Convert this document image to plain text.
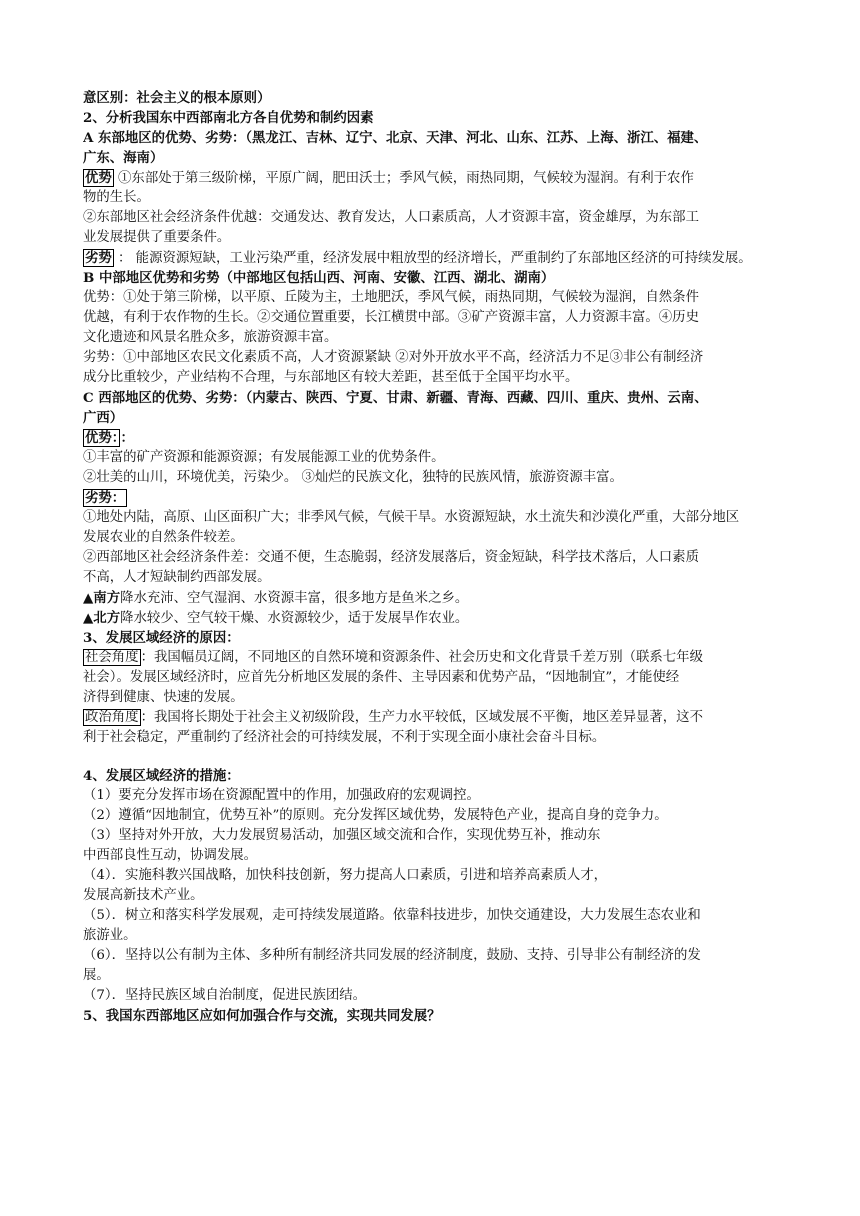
意区别：社会主义的根本原则）
2、分析我国东中西部南北方各自优势和制约因素
A 东部地区的优势、劣势：（黑龙江、吉林、辽宁、北京、天津、河北、山东、江苏、上海、浙江、福建、
广东、海南）
优势 ①东部处于第三级阶梯，平原广阔，肥田沃士；季风气候，雨热同期，气候较为湿润。有利于农作
物的生长。
②东部地区社会经济条件优越：交通发达、教育发达，人口素质高，人才资源丰富，资金雄厚，为东部工
业发展提供了重要条件。
劣势 ： 能源资源短缺，工业污染严重，经济发展中粗放型的经济增长，严重制约了东部地区经济的可持续发展。
B 中部地区优势和劣势（中部地区包括山西、河南、安徽、江西、湖北、湖南）
优势：①处于第三阶梯，以平原、丘陵为主，土地肥沃，季风气候，雨热同期，气候较为湿润，自然条件
优越，有利于农作物的生长。②交通位置重要，长江横贯中部。③矿产资源丰富，人力资源丰富。④历史
文化遗迹和风景名胜众多，旅游资源丰富。
劣势：①中部地区农民文化素质不高，人才资源紧缺 ②对外开放水平不高，经济活力不足③非公有制经济
成分比重较少，产业结构不合理，与东部地区有较大差距，甚至低于全国平均水平。
C 西部地区的优势、劣势：（内蒙古、陕西、宁夏、甘肃、新疆、青海、西藏、四川、重庆、贵州、云南、
广西）
优势： ：
①丰富的矿产资源和能源资源；有发展能源工业的优势条件。
②壮美的山川，环境优美，污染少。 ③灿烂的民族文化，独特的民族风情，旅游资源丰富。
劣势：
①地处内陆，高原、山区面积广大；非季风气候，气候干旱。水资源短缺，水土流失和沙漠化严重，大部分地区
发展农业的自然条件较差。
②西部地区社会经济条件差：交通不便，生态脆弱，经济发展落后，资金短缺，科学技术落后，人口素质
不高，人才短缺制约西部发展。
▲南方降水充沛、空气湿润、水资源丰富，很多地方是鱼米之乡。
▲北方降水较少、空气较干燥、水资源较少，适于发展旱作农业。
3、发展区域经济的原因：
社会角度 ：我国幅员辽阔，不同地区的自然环境和资源条件、社会历史和文化背景千差万别（联系七年级
社会）。发展区域经济时，应首先分析地区发展的条件、主导因素和优势产品，“因地制宜”，才能使经
济得到健康、快速的发展。
政治角度 ：我国将长期处于社会主义初级阶段，生产力水平较低，区域发展不平衡，地区差异显著，这不
利于社会稳定，严重制约了经济社会的可持续发展，不利于实现全面小康社会奋斗目标。
4、发展区域经济的措施：
（1）要充分发挥市场在资源配置中的作用，加强政府的宏观调控。
（2）遵循“因地制宜，优势互补”的原则。充分发挥区域优势，发展特色产业，提高自身的竞争力。
（3）坚持对外开放，大力发展贸易活动，加强区域交流和合作，实现优势互补，推动东
中西部良性互动，协调发展。
（4）．实施科教兴国战略，加快科技创新，努力提高人口素质，引进和培养高素质人才，
发展高新技术产业。
（5）．树立和落实科学发展观，走可持续发展道路。依靠科技进步，加快交通建设，大力发展生态农业和
旅游业。
（6）．坚持以公有制为主体、多种所有制经济共同发展的经济制度，鼓励、支持、引导非公有制经济的发
展。
（7）．坚持民族区域自治制度，促进民族团结。
5、我国东西部地区应如何加强合作与交流，实现共同发展？
